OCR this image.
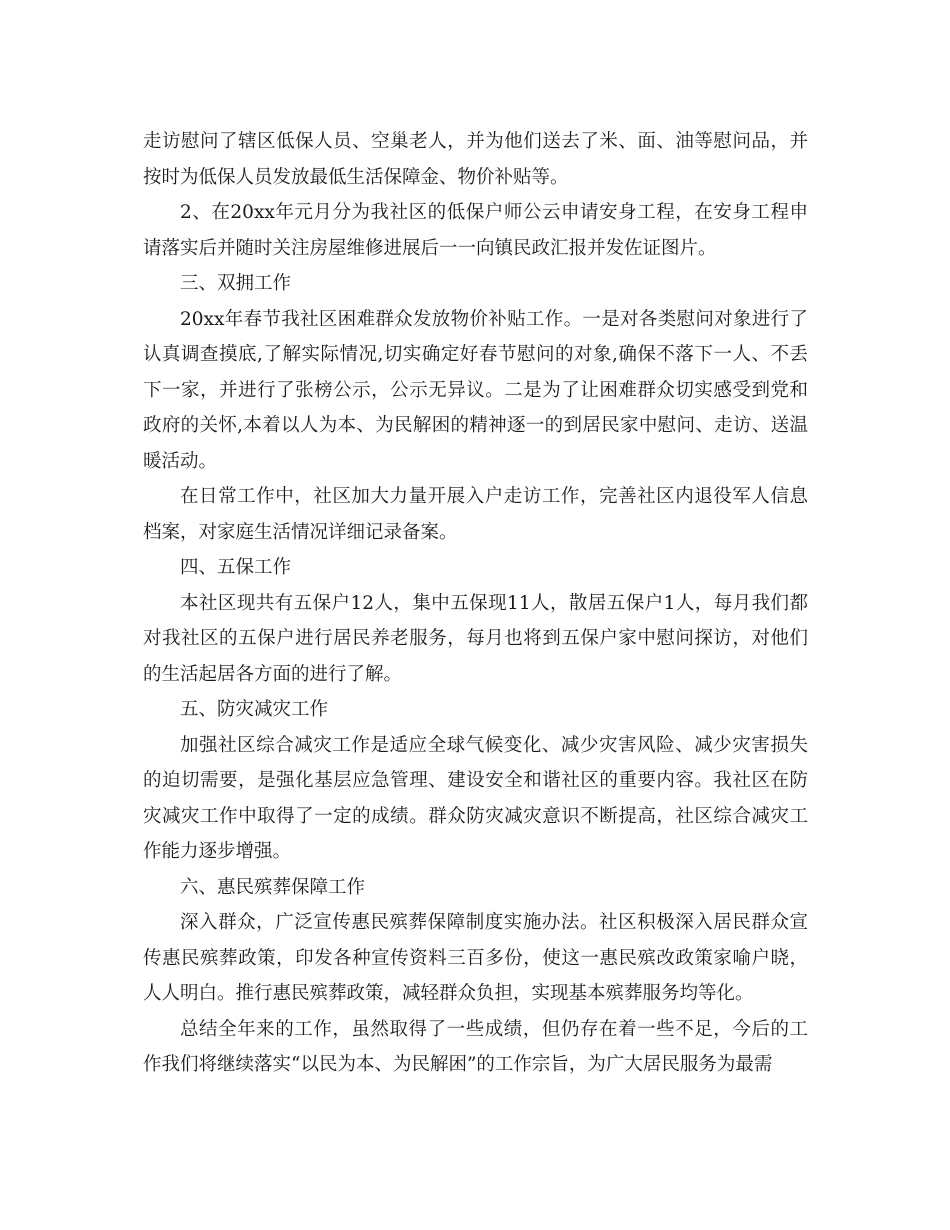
走访慰问了辖区低保人员、空巢老人，并为他们送去了米、面、油等慰问品，并按时为低保人员发放最低生活保障金、物价补贴等。

2、在20xx年元月分为我社区的低保户师公云申请安身工程，在安身工程申请落实后并随时关注房屋维修进展后一一向镇民政汇报并发佐证图片。

三、双拥工作

20xx年春节我社区困难群众发放物价补贴工作。一是对各类慰问对象进行了认真调查摸底,了解实际情况,切实确定好春节慰问的对象,确保不落下一人、不丢下一家，并进行了张榜公示，公示无异议。二是为了让困难群众切实感受到党和政府的关怀,本着以人为本、为民解困的精神逐一的到居民家中慰问、走访、送温暖活动。

在日常工作中，社区加大力量开展入户走访工作，完善社区内退役军人信息档案，对家庭生活情况详细记录备案。

四、五保工作

本社区现共有五保户12人，集中五保现11人，散居五保户1人，每月我们都对我社区的五保户进行居民养老服务，每月也将到五保户家中慰问探访，对他们的生活起居各方面的进行了解。

五、防灾减灾工作

加强社区综合减灾工作是适应全球气候变化、减少灾害风险、减少灾害损失的迫切需要，是强化基层应急管理、建设安全和谐社区的重要内容。我社区在防灾减灾工作中取得了一定的成绩。群众防灾减灾意识不断提高，社区综合减灾工作能力逐步增强。

六、惠民殡葬保障工作

深入群众，广泛宣传惠民殡葬保障制度实施办法。社区积极深入居民群众宣传惠民殡葬政策，印发各种宣传资料三百多份，使这一惠民殡改政策家喻户晓，人人明白。推行惠民殡葬政策，减轻群众负担，实现基本殡葬服务均等化。

总结全年来的工作，虽然取得了一些成绩，但仍存在着一些不足，今后的工作我们将继续落实“以民为本、为民解困”的工作宗旨，为广大居民服务为最需
